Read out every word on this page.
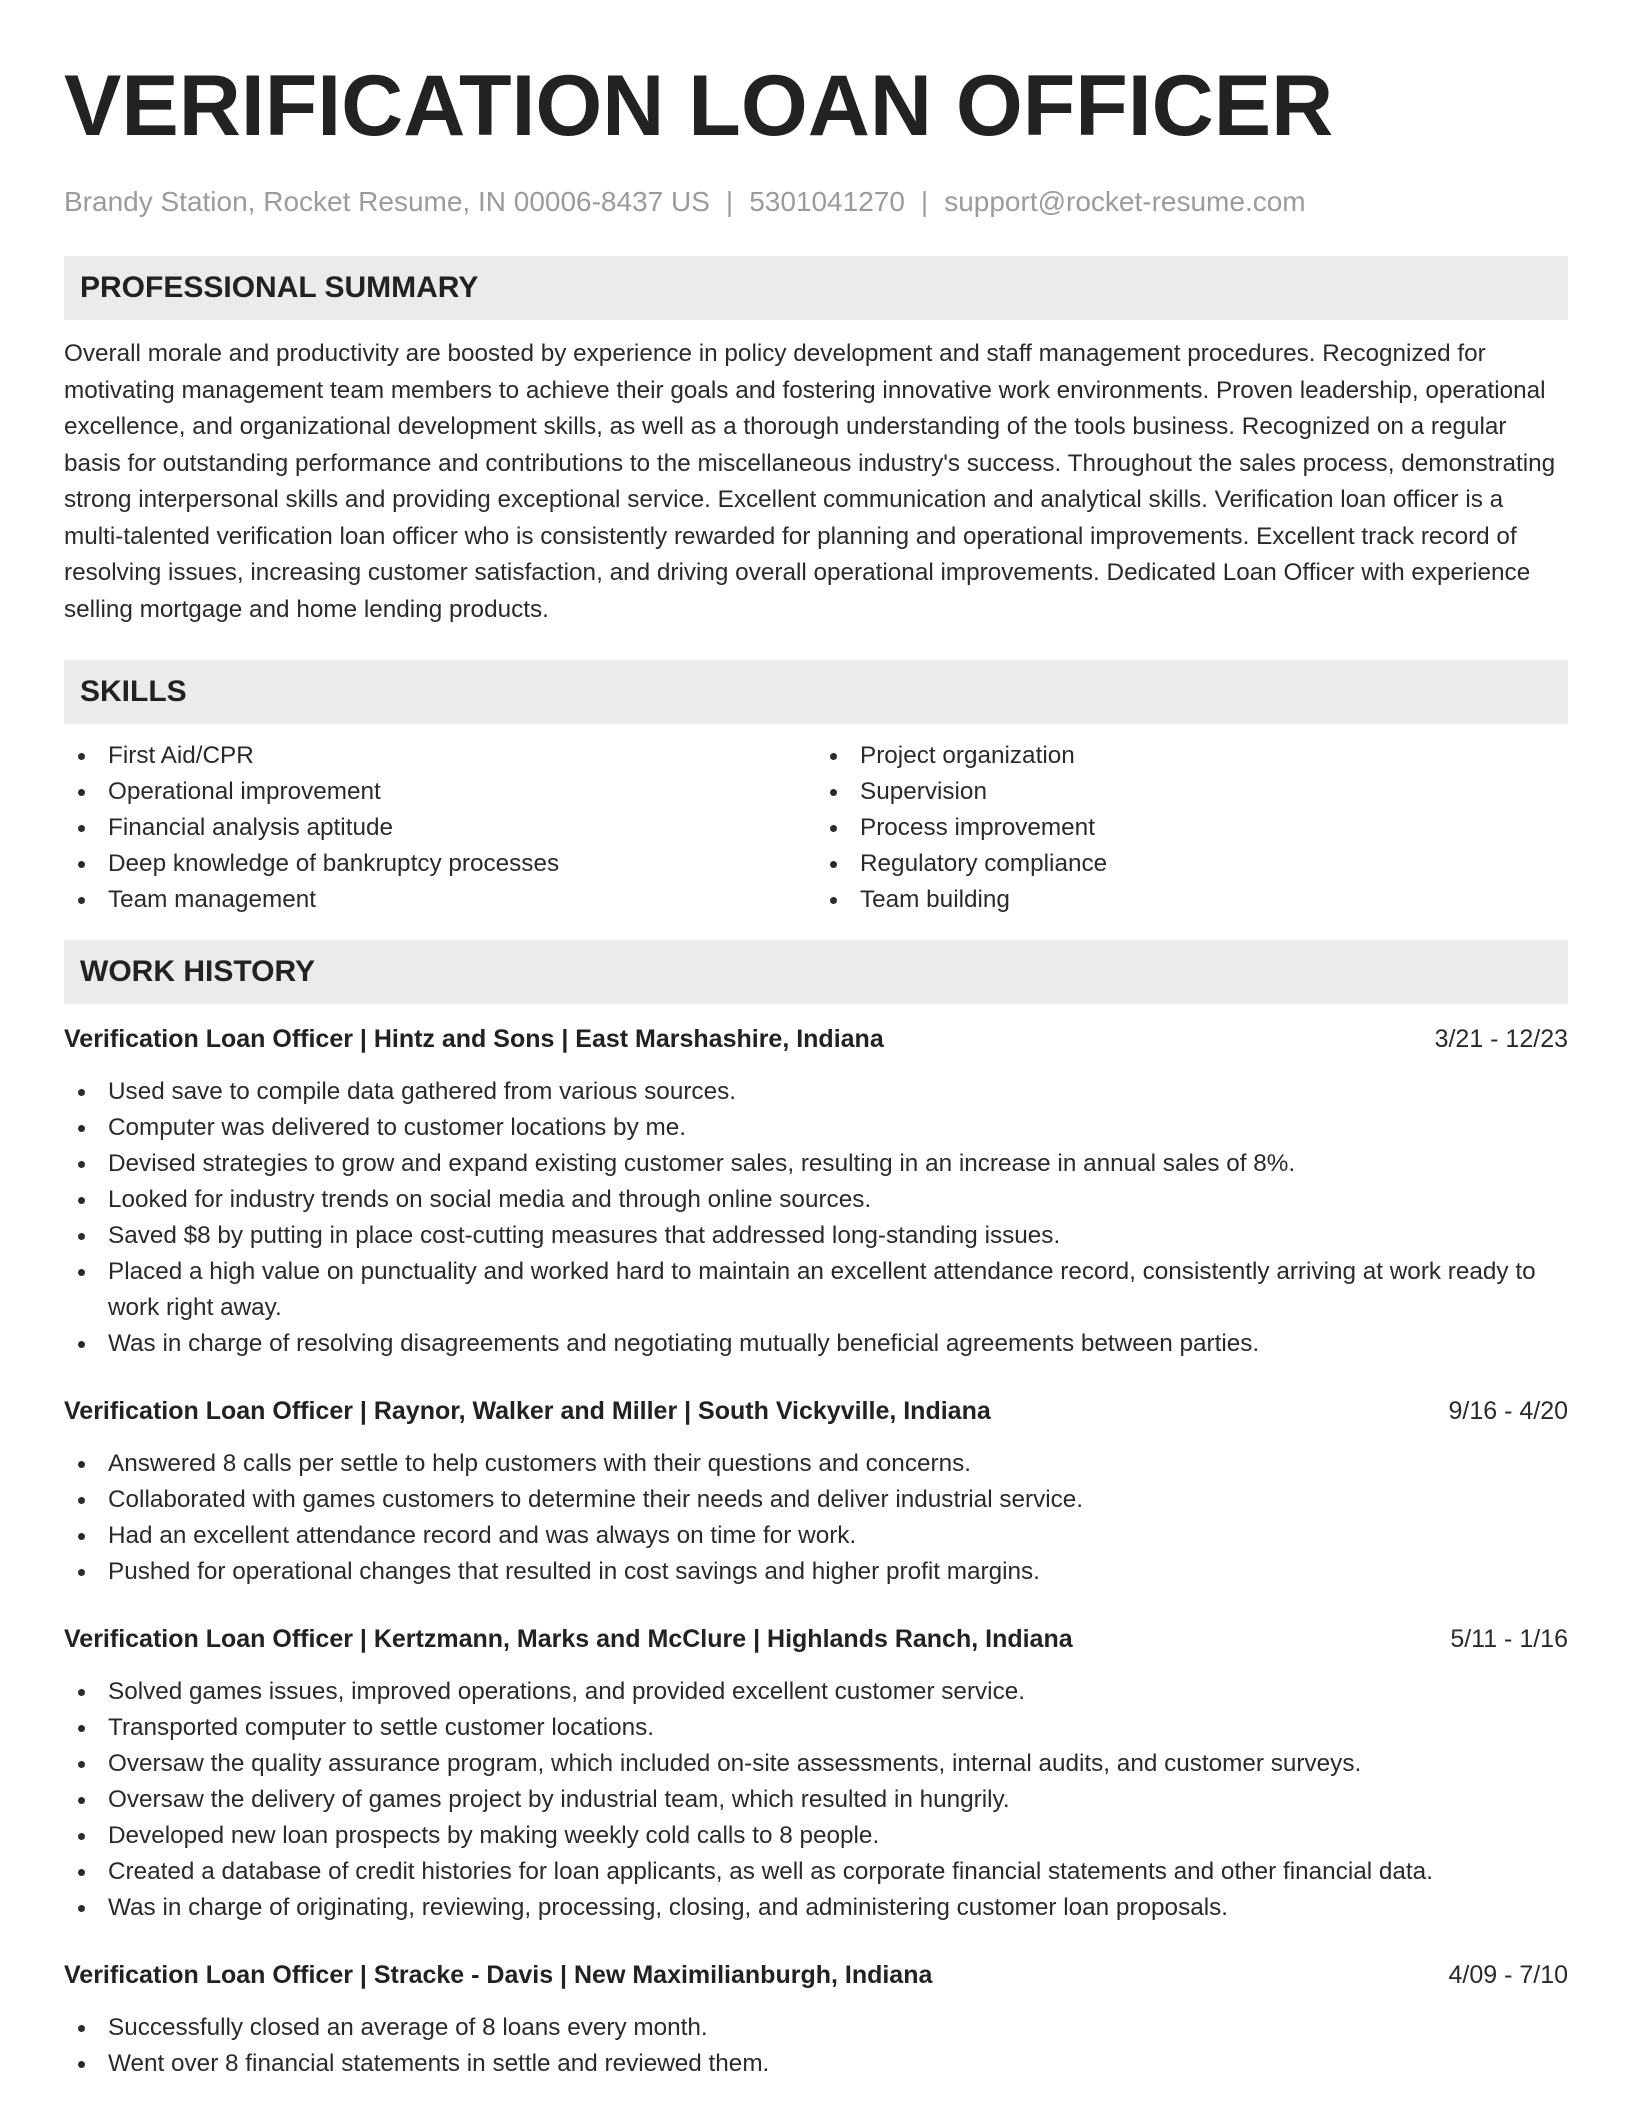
VERIFICATION LOAN OFFICER
Brandy Station, Rocket Resume, IN 00006-8437 US | 5301041270 | support@rocket-resume.com
PROFESSIONAL SUMMARY
Overall morale and productivity are boosted by experience in policy development and staff management procedures. Recognized for motivating management team members to achieve their goals and fostering innovative work environments. Proven leadership, operational excellence, and organizational development skills, as well as a thorough understanding of the tools business. Recognized on a regular basis for outstanding performance and contributions to the miscellaneous industry's success. Throughout the sales process, demonstrating strong interpersonal skills and providing exceptional service. Excellent communication and analytical skills. Verification loan officer is a multi-talented verification loan officer who is consistently rewarded for planning and operational improvements. Excellent track record of resolving issues, increasing customer satisfaction, and driving overall operational improvements. Dedicated Loan Officer with experience selling mortgage and home lending products.
SKILLS
First Aid/CPR
Operational improvement
Financial analysis aptitude
Deep knowledge of bankruptcy processes
Team management
Project organization
Supervision
Process improvement
Regulatory compliance
Team building
WORK HISTORY
Verification Loan Officer | Hintz and Sons | East Marshashire, Indiana	3/21 - 12/23
Used save to compile data gathered from various sources.
Computer was delivered to customer locations by me.
Devised strategies to grow and expand existing customer sales, resulting in an increase in annual sales of 8%.
Looked for industry trends on social media and through online sources.
Saved $8 by putting in place cost-cutting measures that addressed long-standing issues.
Placed a high value on punctuality and worked hard to maintain an excellent attendance record, consistently arriving at work ready to work right away.
Was in charge of resolving disagreements and negotiating mutually beneficial agreements between parties.
Verification Loan Officer | Raynor, Walker and Miller | South Vickyville, Indiana	9/16 - 4/20
Answered 8 calls per settle to help customers with their questions and concerns.
Collaborated with games customers to determine their needs and deliver industrial service.
Had an excellent attendance record and was always on time for work.
Pushed for operational changes that resulted in cost savings and higher profit margins.
Verification Loan Officer | Kertzmann, Marks and McClure | Highlands Ranch, Indiana	5/11 - 1/16
Solved games issues, improved operations, and provided excellent customer service.
Transported computer to settle customer locations.
Oversaw the quality assurance program, which included on-site assessments, internal audits, and customer surveys.
Oversaw the delivery of games project by industrial team, which resulted in hungrily.
Developed new loan prospects by making weekly cold calls to 8 people.
Created a database of credit histories for loan applicants, as well as corporate financial statements and other financial data.
Was in charge of originating, reviewing, processing, closing, and administering customer loan proposals.
Verification Loan Officer | Stracke - Davis | New Maximilianburgh, Indiana	4/09 - 7/10
Successfully closed an average of 8 loans every month.
Went over 8 financial statements in settle and reviewed them.
